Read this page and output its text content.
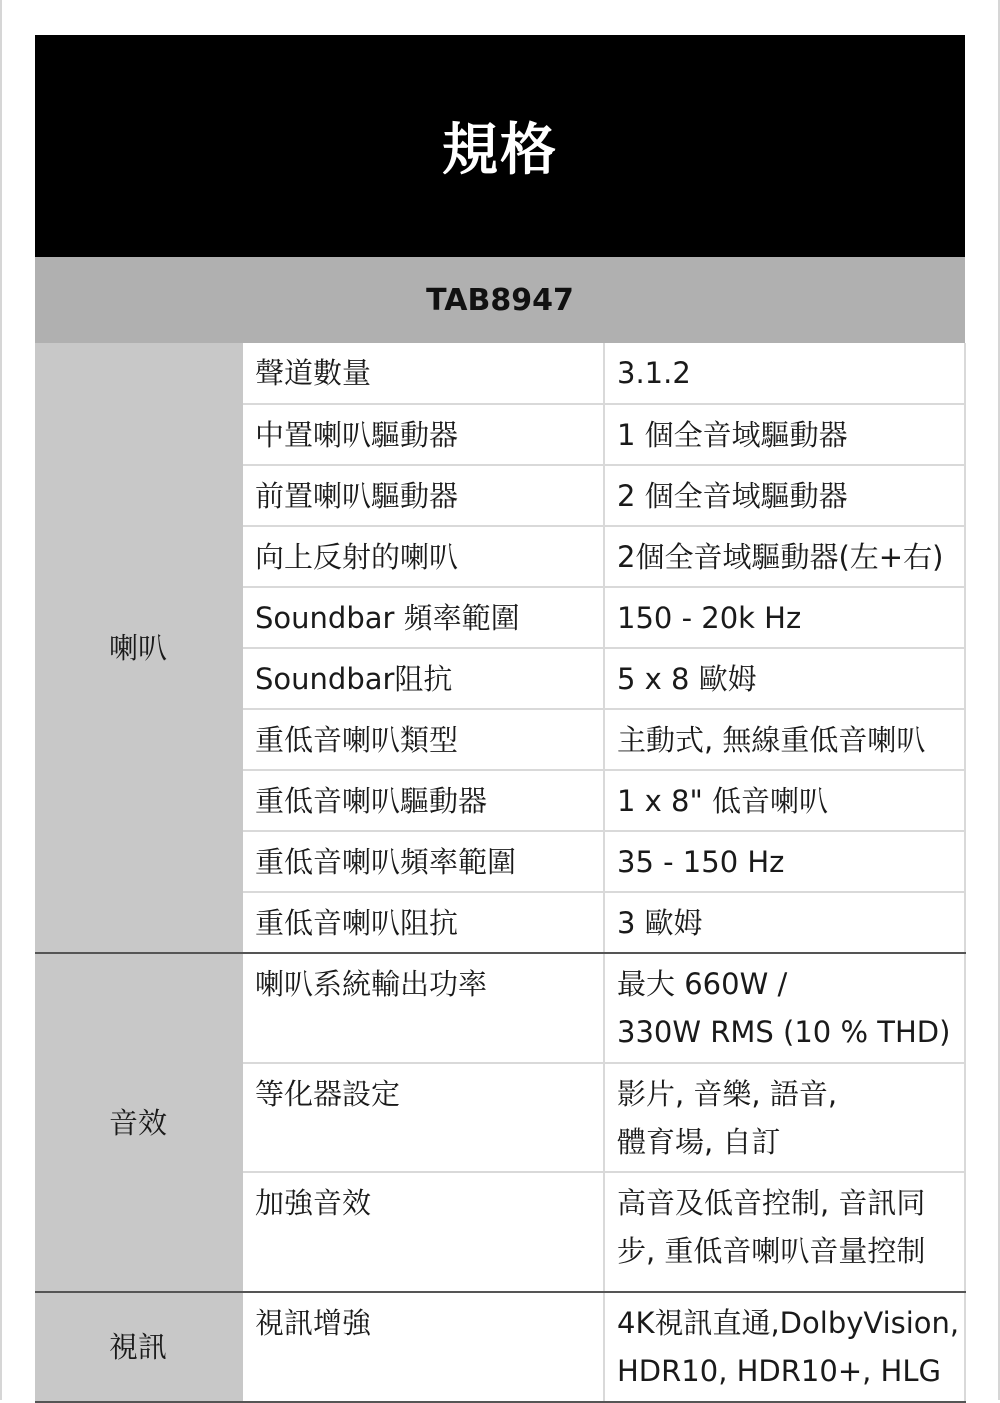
規格
TAB8947
喇叭	聲道數量	3.1.2
	中置喇叭驅動器	1 個全音域驅動器
	前置喇叭驅動器	2 個全音域驅動器
	向上反射的喇叭	2個全音域驅動器(左+右)
	Soundbar 頻率範圍	150 - 20k Hz
	Soundbar阻抗	5 x 8 歐姆
	重低音喇叭類型	主動式, 無線重低音喇叭
	重低音喇叭驅動器	1 x 8" 低音喇叭
	重低音喇叭頻率範圍	35 - 150 Hz
	重低音喇叭阻抗	3 歐姆
音效	喇叭系統輸出功率	最大 660W /
330W RMS (10 % THD)

	等化器設定	影片, 音樂, 語音,
體育場, 自訂

	加強音效	高音及低音控制, 音訊同
步, 重低音喇叭音量控制

視訊	視訊增強	4K視訊直通,DolbyVision,
HDR10, HDR10+, HLG
